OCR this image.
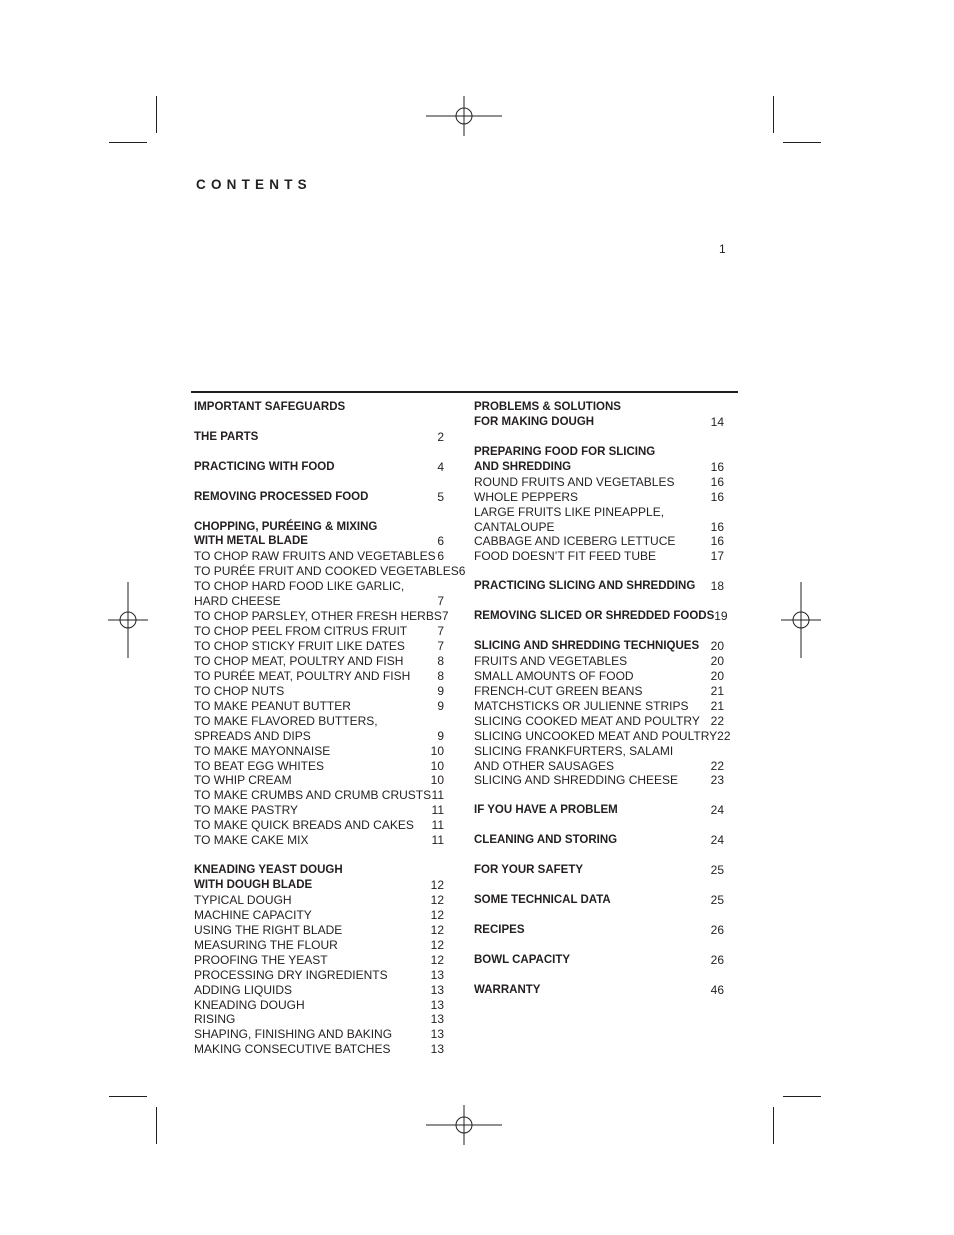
CONTENTS
1
IMPORTANT SAFEGUARDS
THE PARTS	2
PRACTICING WITH FOOD	4
REMOVING PROCESSED FOOD	5
CHOPPING, PURÉEING & MIXING
WITH METAL BLADE	6
TO CHOP RAW FRUITS AND VEGETABLES 6
TO PURÉE FRUIT AND COOKED VEGETABLES 6
TO CHOP HARD FOOD LIKE GARLIC,
HARD CHEESE	7
TO CHOP PARSLEY, OTHER FRESH HERBS 7
TO CHOP PEEL FROM CITRUS FRUIT	7
TO CHOP STICKY FRUIT LIKE DATES	7
TO CHOP MEAT, POULTRY AND FISH	8
TO PURÉE MEAT, POULTRY AND FISH	8
TO CHOP NUTS	9
TO MAKE PEANUT BUTTER	9
TO MAKE FLAVORED BUTTERS,
SPREADS AND DIPS	9
TO MAKE MAYONNAISE	10
TO BEAT EGG WHITES	10
TO WHIP CREAM	10
TO MAKE CRUMBS AND CRUMB CRUSTS 11
TO MAKE PASTRY	11
TO MAKE QUICK BREADS AND CAKES	11
TO MAKE CAKE MIX	11
KNEADING YEAST DOUGH
WITH DOUGH BLADE	12
TYPICAL DOUGH	12
MACHINE CAPACITY	12
USING THE RIGHT BLADE	12
MEASURING THE FLOUR	12
PROOFING THE YEAST	12
PROCESSING DRY INGREDIENTS	13
ADDING LIQUIDS	13
KNEADING DOUGH	13
RISING	13
SHAPING, FINISHING AND BAKING	13
MAKING CONSECUTIVE BATCHES	13
PROBLEMS & SOLUTIONS
FOR MAKING DOUGH	14
PREPARING FOOD FOR SLICING
AND SHREDDING	16
ROUND FRUITS AND VEGETABLES	16
WHOLE PEPPERS	16
LARGE FRUITS LIKE PINEAPPLE,
CANTALOUPE	16
CABBAGE AND ICEBERG LETTUCE	16
FOOD DOESN’T FIT FEED TUBE	17
PRACTICING SLICING AND SHREDDING	18
REMOVING SLICED OR SHREDDED FOODS 19
SLICING AND SHREDDING TECHNIQUES 20
FRUITS AND VEGETABLES	20
SMALL AMOUNTS OF FOOD	20
FRENCH-CUT GREEN BEANS	21
MATCHSTICKS OR JULIENNE STRIPS	21
SLICING COOKED MEAT AND POULTRY 22
SLICING UNCOOKED MEAT AND POULTRY 22
SLICING FRANKFURTERS, SALAMI
AND OTHER SAUSAGES	22
SLICING AND SHREDDING CHEESE	23
IF YOU HAVE A PROBLEM	24
CLEANING AND STORING	24
FOR YOUR SAFETY	25
SOME TECHNICAL DATA	25
RECIPES	26
BOWL CAPACITY	26
WARRANTY	46
